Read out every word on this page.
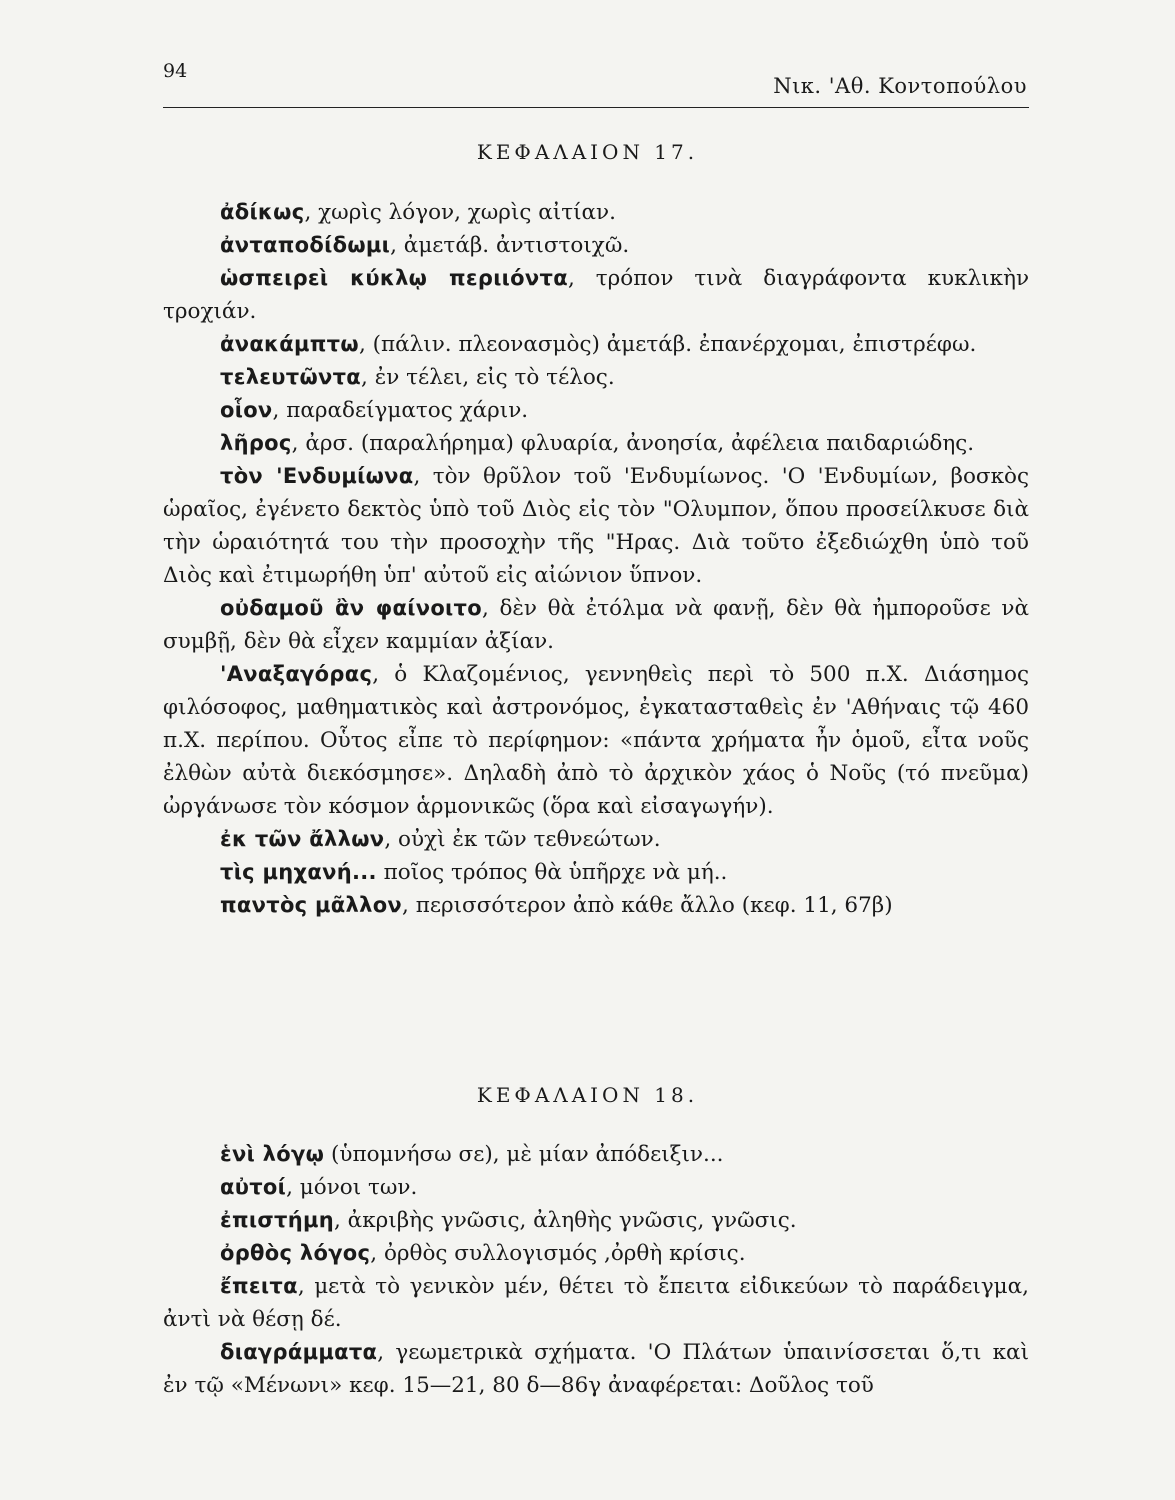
94
Νικ. 'Αθ. Κοντοπούλου
ΚΕΦΑΛΑΙΟΝ 17.
ἀδίκως, χωρὶς λόγον, χωρὶς αἰτίαν.
ἀνταποδίδωμι, ἀμετάβ. ἀντιστοιχῶ.
ὡσπειρεὶ κύκλῳ περιιόντα, τρόπον τινὰ διαγράφοντα κυκλικὴν τροχιάν.
ἀνακάμπτω, (πάλιν. πλεονασμὸς) ἀμετάβ. ἐπανέρχομαι, ἐπιστρέφω.
τελευτῶντα, ἐν τέλει, εἰς τὸ τέλος.
οἷον, παραδείγματος χάριν.
λῆρος, ἀρσ. (παραλήρημα) φλυαρία, ἀνοησία, ἀφέλεια παιδαριώδης.
τὸν 'Ενδυμίωνα, τὸν θρῦλον τοῦ 'Ενδυμίωνος. 'Ο 'Ενδυμίων, βοσκὸς ὡραῖος, ἐγένετο δεκτὸς ὑπὸ τοῦ Διὸς εἰς τὸν "Ολυμπον, ὅπου προσείλκυσε διὰ τὴν ὡραιότητά του τὴν προσοχὴν τῆς "Ηρας. Διὰ τοῦτο ἐξεδιώχθη ὑπὸ τοῦ Διὸς καὶ ἐτιμωρήθη ὑπ' αὐτοῦ εἰς αἰώνιον ὕπνον.
οὐδαμοῦ ἂν φαίνοιτο, δὲν θὰ ἐτόλμα νὰ φανῇ, δὲν θὰ ἠμποροῦσε νὰ συμβῇ, δὲν θὰ εἶχεν καμμίαν ἀξίαν.
'Αναξαγόρας, ὁ Κλαζομένιος, γεννηθεὶς περὶ τὸ 500 π.Χ. Διάσημος φιλόσοφος, μαθηματικὸς καὶ ἀστρονόμος, ἐγκατασταθεὶς ἐν 'Αθήναις τῷ 460 π.Χ. περίπου. Οὗτος εἶπε τὸ περίφημον: «πάντα χρήματα ἦν ὁμοῦ, εἶτα νοῦς ἐλθὼν αὐτὰ διεκόσμησε». Δηλαδὴ ἀπὸ τὸ ἀρχικὸν χάος ὁ Νοῦς (τό πνεῦμα) ὠργάνωσε τὸν κόσμον ἁρμονικῶς (ὅρα καὶ εἰσαγωγήν).
ἐκ τῶν ἄλλων, οὐχὶ ἐκ τῶν τεθνεώτων.
τὶς μηχανή... ποῖος τρόπος θὰ ὑπῆρχε νὰ μή..
παντὸς μᾶλλον, περισσότερον ἀπὸ κάθε ἄλλο (κεφ. 11, 67β)
ΚΕΦΑΛΑΙΟΝ 18.
ἑνὶ λόγῳ (ὑπομνήσω σε), μὲ μίαν ἀπόδειξιν...
αὐτοί, μόνοι των.
ἐπιστήμη, ἀκριβὴς γνῶσις, ἀληθὴς γνῶσις, γνῶσις.
ὀρθὸς λόγος, ὀρθὸς συλλογισμός ,ὀρθὴ κρίσις.
ἔπειτα, μετὰ τὸ γενικὸν μέν, θέτει τὸ ἔπειτα εἰδικεύων τὸ παράδειγμα, ἀντὶ νὰ θέσῃ δέ.
διαγράμματα, γεωμετρικὰ σχήματα. 'Ο Πλάτων ὑπαινίσσεται ὅ,τι καὶ ἐν τῷ «Μένωνι» κεφ. 15—21, 80 δ—86γ ἀναφέρεται: Δοῦλος τοῦ
